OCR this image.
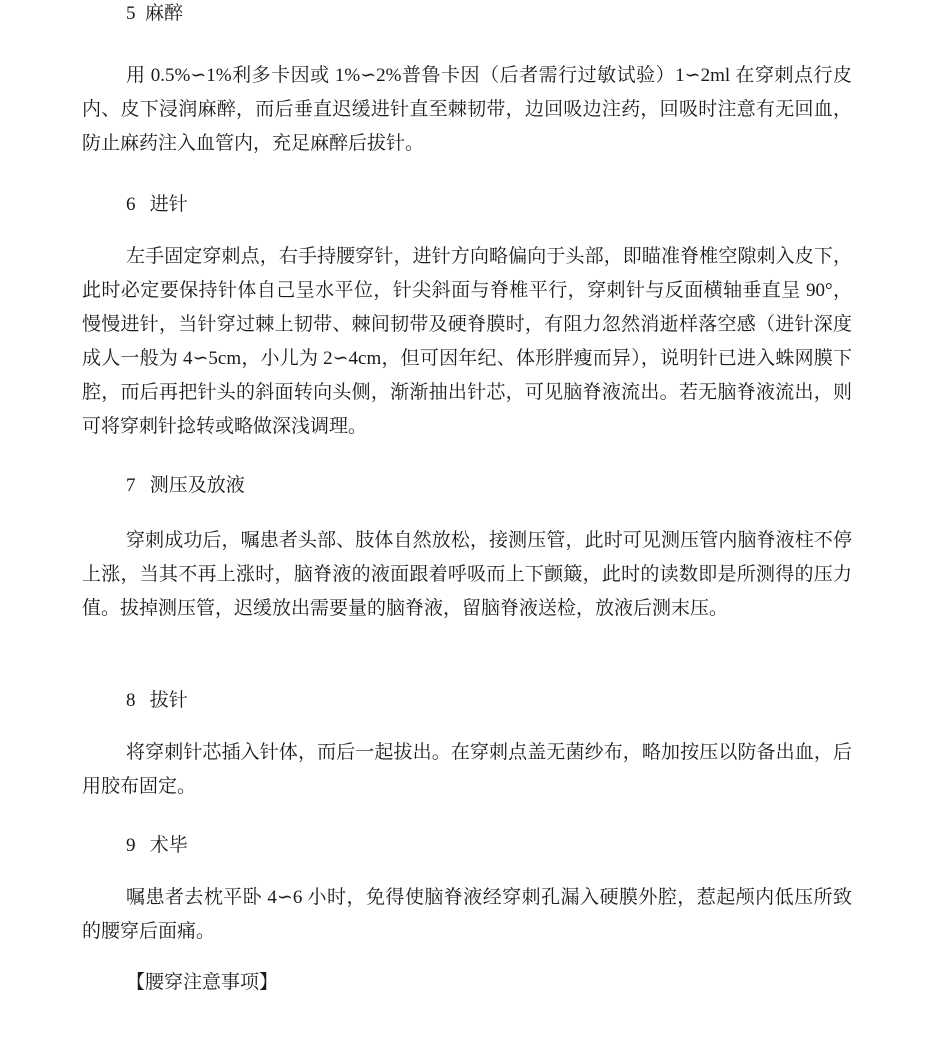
5  麻醉

用 0.5%∽1%利多卡因或 1%∽2%普鲁卡因（后者需行过敏试验）1∽2ml 在穿刺点行皮内、皮下浸润麻醉，而后垂直迟缓进针直至棘韧带，边回吸边注药，回吸时注意有无回血，防止麻药注入血管内，充足麻醉后拔针。

6   进针

左手固定穿刺点，右手持腰穿针，进针方向略偏向于头部，即瞄准脊椎空隙刺入皮下，此时必定要保持针体自己呈水平位，针尖斜面与脊椎平行，穿刺针与反面横轴垂直呈 90°，慢慢进针，当针穿过棘上韧带、棘间韧带及硬脊膜时，有阻力忽然消逝样落空感（进针深度成人一般为 4∽5cm，小儿为 2∽4cm，但可因年纪、体形胖瘦而异），说明针已进入蛛网膜下腔，而后再把针头的斜面转向头侧，渐渐抽出针芯，可见脑脊液流出。若无脑脊液流出，则可将穿刺针捻转或略做深浅调理。

7   测压及放液

穿刺成功后，嘱患者头部、肢体自然放松，接测压管，此时可见测压管内脑脊液柱不停上涨，当其不再上涨时，脑脊液的液面跟着呼吸而上下颤簸，此时的读数即是所测得的压力值。拔掉测压管，迟缓放出需要量的脑脊液，留脑脊液送检，放液后测末压。

8   拔针

将穿刺针芯插入针体，而后一起拔出。在穿刺点盖无菌纱布，略加按压以防备出血，后用胶布固定。

9   术毕

嘱患者去枕平卧 4∽6 小时，免得使脑脊液经穿刺孔漏入硬膜外腔，惹起颅内低压所致的腰穿后面痛。

【腰穿注意事项】
